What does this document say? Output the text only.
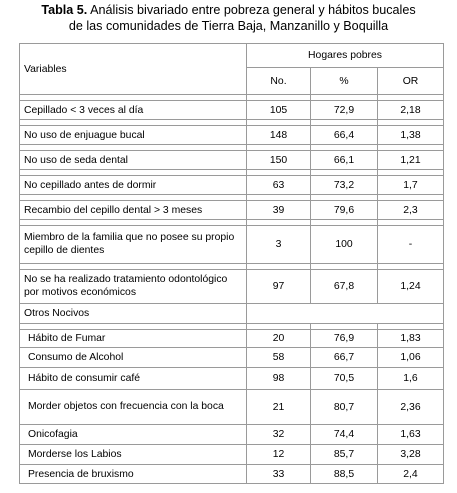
Tabla 5. Análisis bivariado entre pobreza general y hábitos bucales
de las comunidades de Tierra Baja, Manzanillo y Boquilla
Variables	Hogares pobres		
	No.	%	OR

Cepillado < 3 veces al día	105	72,9	2,18

No uso de enjuague bucal	148	66,4	1,38

No uso de seda dental	150	66,1	1,21

No cepillado antes de dormir	63	73,2	1,7

Recambio del cepillo dental > 3 meses	39	79,6	2,3

Miembro de la familia que no posee su propio cepillo de dientes	3	100	-

No se ha realizado tratamiento odontológico por motivos económicos	97	67,8	1,24
Otros Nocivos			

Hábito de Fumar	20	76,9	1,83
Consumo de Alcohol	58	66,7	1,06
Hábito de consumir café	98	70,5	1,6
Morder objetos con frecuencia con la boca	21	80,7	2,36
Onicofagia	32	74,4	1,63
Morderse los Labios	12	85,7	3,28
Presencia de bruxismo	33	88,5	2,4
